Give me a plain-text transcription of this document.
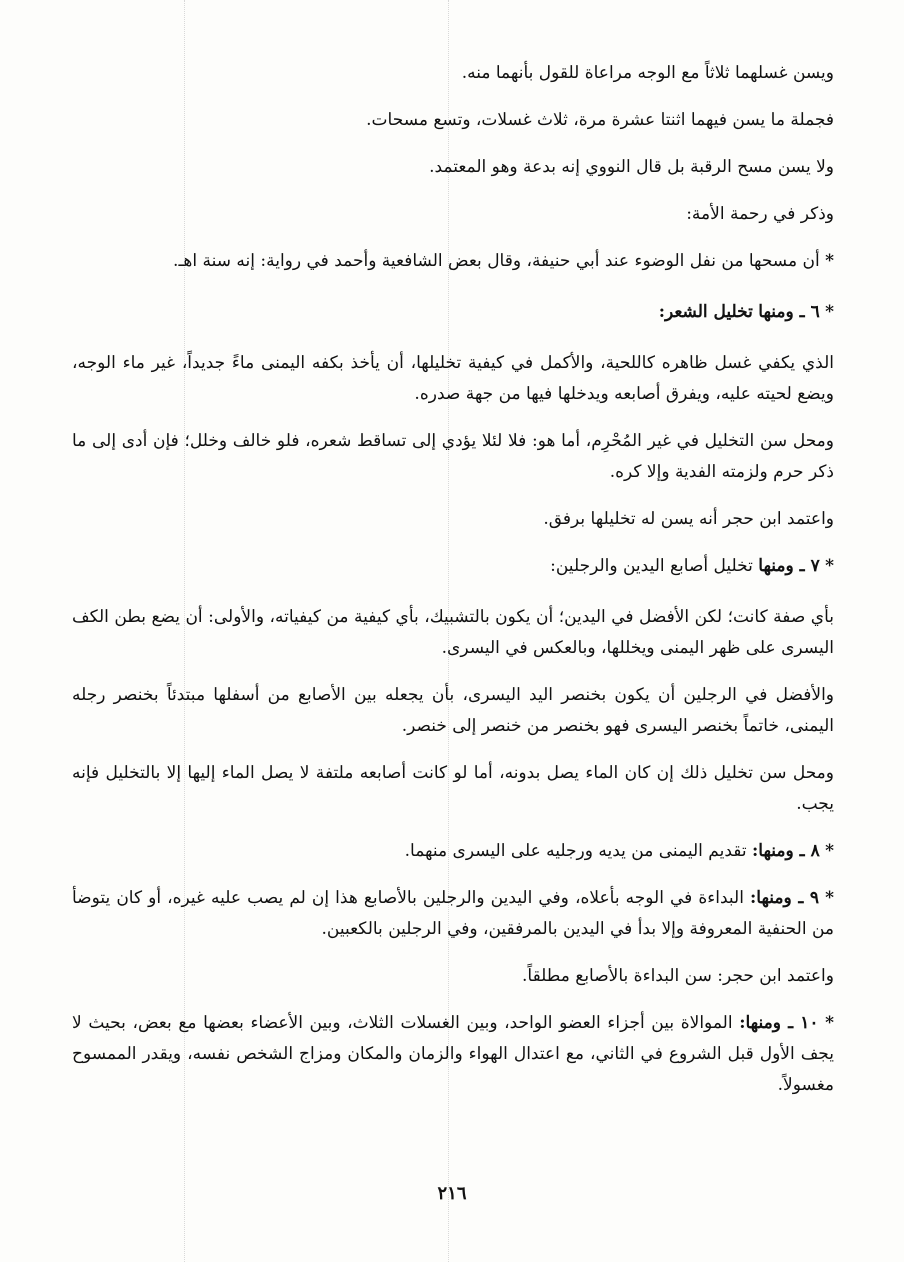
ويسن غسلهما ثلاثاً مع الوجه مراعاة للقول بأنهما منه.

فجملة ما يسن فيهما اثنتا عشرة مرة، ثلاث غسلات، وتسع مسحات.

ولا يسن مسح الرقبة بل قال النووي إنه بدعة وهو المعتمد.

وذكر في رحمة الأمة:

* أن مسحها من نفل الوضوء عند أبي حنيفة، وقال بعض الشافعية وأحمد في رواية: إنه سنة اهـ.

* ٦ ـ ومنها تخليل الشعر:

الذي يكفي غسل ظاهره كاللحية، والأكمل في كيفية تخليلها، أن يأخذ بكفه اليمنى ماءً جديداً، غير ماء الوجه، ويضع لحيته عليه، ويفرق أصابعه ويدخلها فيها من جهة صدره.

ومحل سن التخليل في غير المُحْرِم، أما هو: فلا لئلا يؤدي إلى تساقط شعره، فلو خالف وخلل؛ فإن أدى إلى ما ذكر حرم ولزمته الفدية وإلا كره.

واعتمد ابن حجر أنه يسن له تخليلها برفق.

* ٧ ـ ومنها تخليل أصابع اليدين والرجلين:

بأي صفة كانت؛ لكن الأفضل في اليدين؛ أن يكون بالتشبيك، بأي كيفية من كيفياته، والأولى: أن يضع بطن الكف اليسرى على ظهر اليمنى ويخللها، وبالعكس في اليسرى.

والأفضل في الرجلين أن يكون بخنصر اليد اليسرى، بأن يجعله بين الأصابع من أسفلها مبتدئاً بخنصر رجله اليمنى، خاتماً بخنصر اليسرى فهو بخنصر من خنصر إلى خنصر.

ومحل سن تخليل ذلك إن كان الماء يصل بدونه، أما لو كانت أصابعه ملتفة لا يصل الماء إليها إلا بالتخليل فإنه يجب.

* ٨ ـ ومنها: تقديم اليمنى من يديه ورجليه على اليسرى منهما.

* ٩ ـ ومنها: البداءة في الوجه بأعلاه، وفي اليدين والرجلين بالأصابع هذا إن لم يصب عليه غيره، أو كان يتوضأ من الحنفية المعروفة وإلا بدأ في اليدين بالمرفقين، وفي الرجلين بالكعبين.

واعتمد ابن حجر: سن البداءة بالأصابع مطلقاً.

* ١٠ ـ ومنها: الموالاة بين أجزاء العضو الواحد، وبين الغسلات الثلاث، وبين الأعضاء بعضها مع بعض، بحيث لا يجف الأول قبل الشروع في الثاني، مع اعتدال الهواء والزمان والمكان ومزاج الشخص نفسه، ويقدر الممسوح مغسولاً.

٢١٦
